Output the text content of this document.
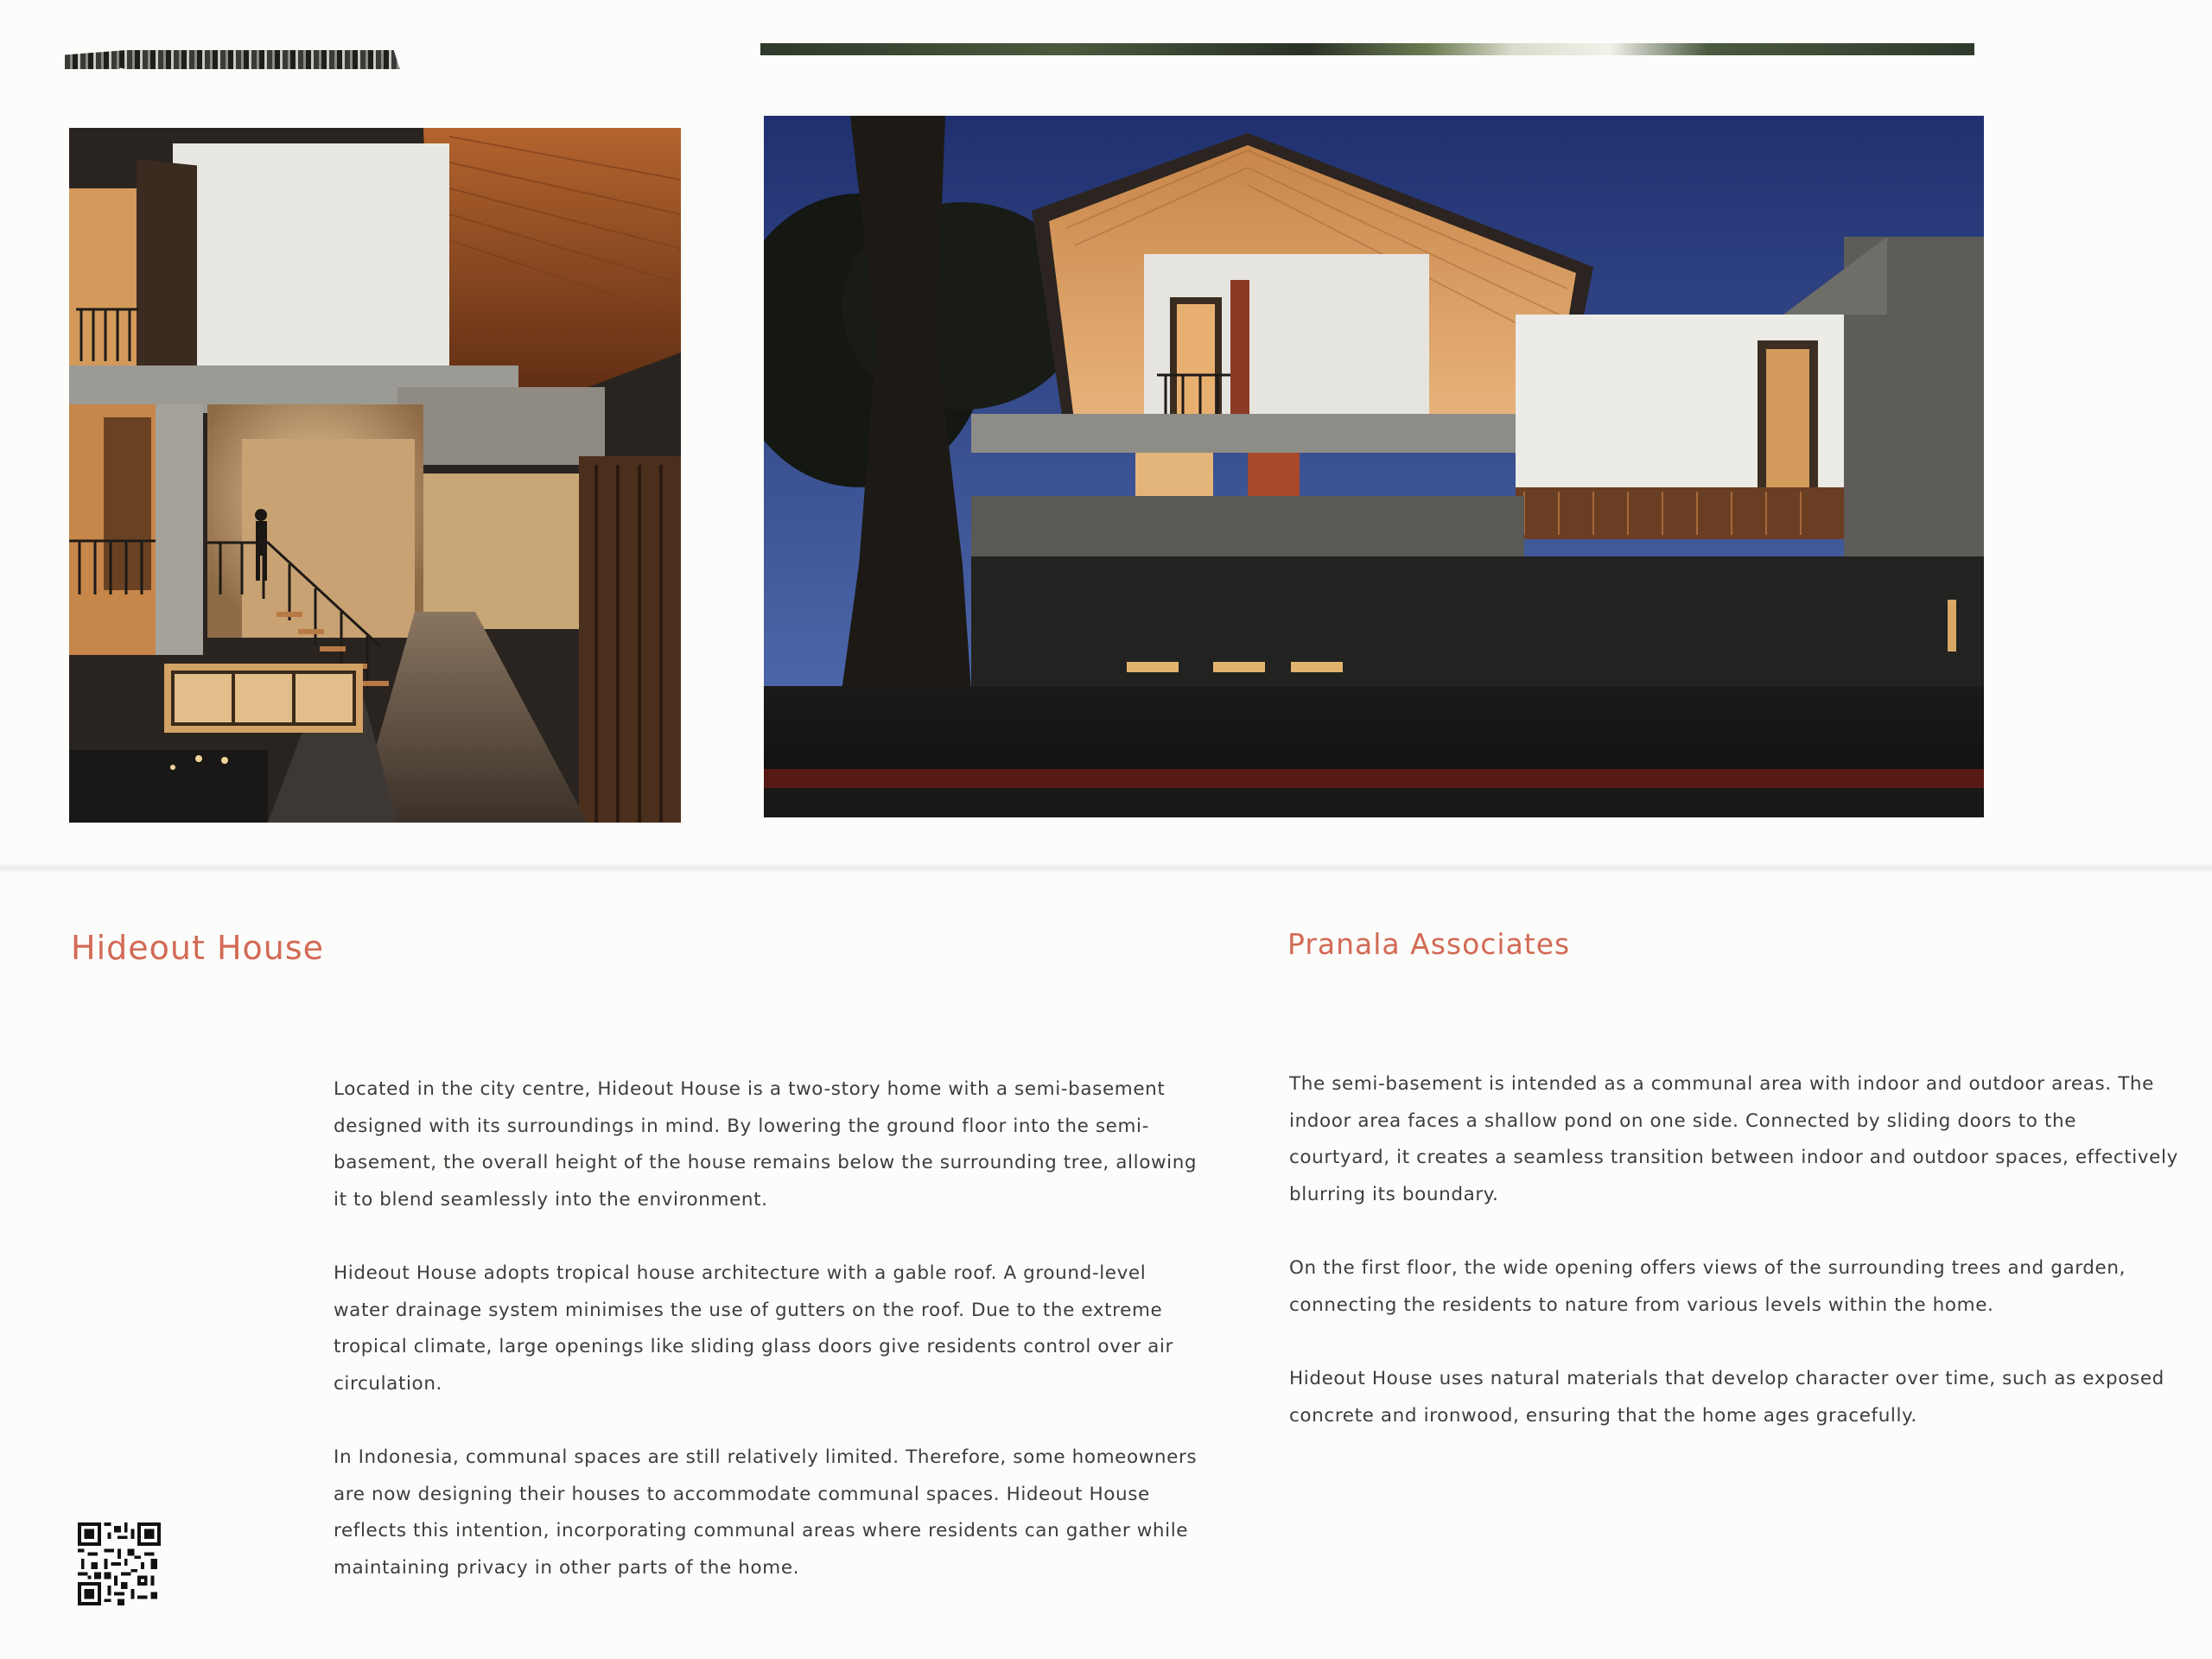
Hideout House	Pranala Associates

Located in the city centre, Hideout House is a two-story home with a semi-basement designed with its surroundings in mind. By lowering the ground floor into the semi-basement, the overall height of the house remains below the surrounding tree, allowing it to blend seamlessly into the environment.

Hideout House adopts tropical house architecture with a gable roof. A ground-level water drainage system minimises the use of gutters on the roof. Due to the extreme tropical climate, large openings like sliding glass doors give residents control over air circulation.

In Indonesia, communal spaces are still relatively limited. Therefore, some homeowners are now designing their houses to accommodate communal spaces. Hideout House reflects this intention, incorporating communal areas where residents can gather while maintaining privacy in other parts of the home.

The semi-basement is intended as a communal area with indoor and outdoor areas. The indoor area faces a shallow pond on one side. Connected by sliding doors to the courtyard, it creates a seamless transition between indoor and outdoor spaces, effectively blurring its boundary.

On the first floor, the wide opening offers views of the surrounding trees and garden, connecting the residents to nature from various levels within the home.

Hideout House uses natural materials that develop character over time, such as exposed concrete and ironwood, ensuring that the home ages gracefully.
